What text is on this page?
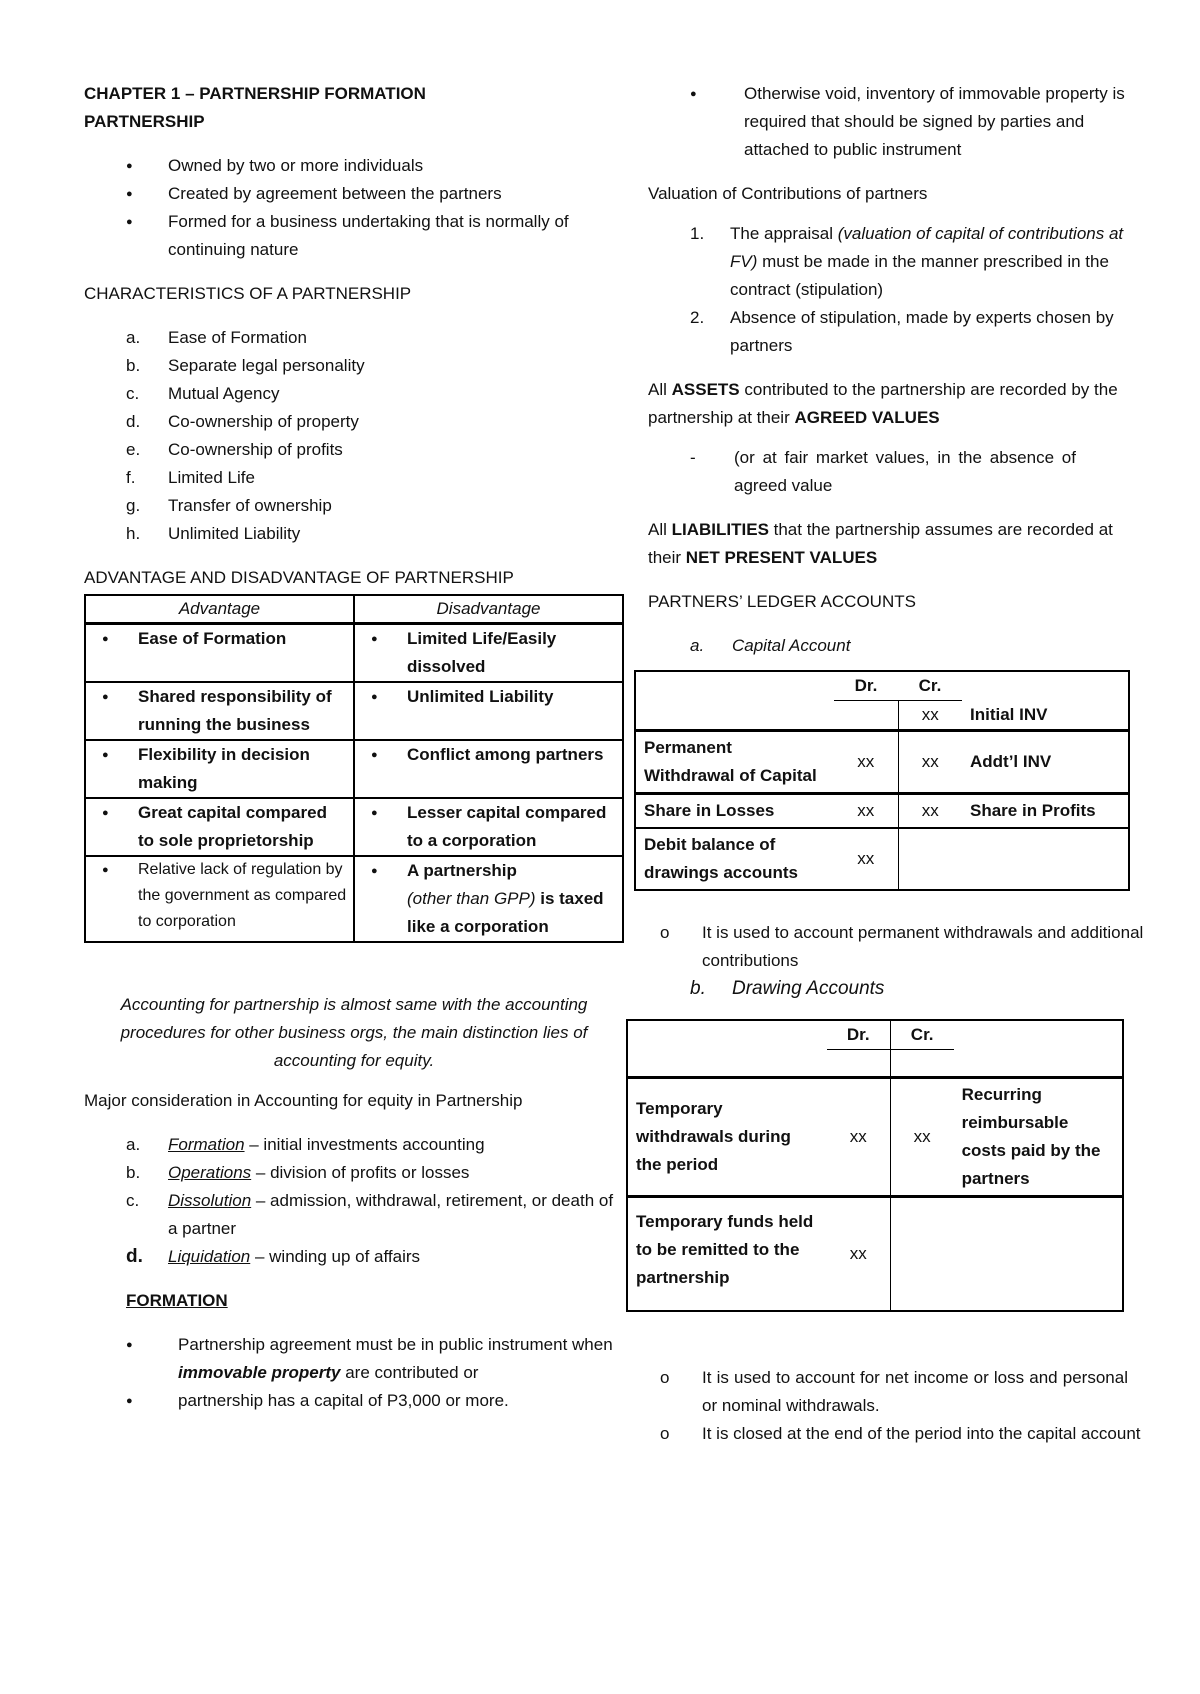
CHAPTER 1 – PARTNERSHIP FORMATION

PARTNERSHIP

● Owned by two or more individuals
● Created by agreement between the partners
● Formed for a business undertaking that is normally of continuing nature

CHARACTERISTICS OF A PARTNERSHIP

a. Ease of Formation
b. Separate legal personality
c. Mutual Agency
d. Co-ownership of property
e. Co-ownership of profits
f. Limited Life
g. Transfer of ownership
h. Unlimited Liability

ADVANTAGE AND DISADVANTAGE OF PARTNERSHIP

Advantage	Disadvantage

● Ease of Formation	● Limited Life/Easily dissolved

● Shared responsibility of running the business	● Unlimited Liability

● Flexibility in decision making	● Conflict among partners

● Great capital compared to sole proprietorship	● Lesser capital compared to a corporation

● Relative lack of regulation by the government as compared to corporation	● A partnership
(other than GPP) is taxed like a corporation

Accounting for partnership is almost same with the accounting procedures for other business orgs, the main distinction lies of accounting for equity.

Major consideration in Accounting for equity in Partnership

a. Formation – initial investments accounting
b. Operations – division of profits or losses
c. Dissolution – admission, withdrawal, retirement, or death of a partner
d. Liquidation – winding up of affairs

FORMATION

● Partnership agreement must be in public instrument when immovable property are contributed or
● partnership has a capital of P3,000 or more.
● Otherwise void, inventory of immovable property is required that should be signed by parties and attached to public instrument

Valuation of Contributions of partners

1. The appraisal (valuation of capital of contributions at FV) must be made in the manner prescribed in the contract (stipulation)
2. Absence of stipulation, made by experts chosen by partners

All ASSETS contributed to the partnership are recorded by the partnership at their AGREED VALUES

- (or at fair market values, in the absence of agreed value

All LIABILITIES that the partnership assumes are recorded at their NET PRESENT VALUES

PARTNERS’ LEDGER ACCOUNTS

a. Capital Account
	Dr.	Cr.	
		xx	Initial INV
Permanent Withdrawal of Capital	xx	xx	Addt’l INV
Share in Losses	xx	xx	Share in Profits
Debit balance of drawings accounts	xx		
o It is used to account permanent withdrawals and additional contributions
b. Drawing Accounts
	Dr.	Cr.	

Temporary withdrawals during the period	xx	xx	Recurring reimbursable costs paid by the partners
Temporary funds held to be remitted to the partnership	xx		
o It is used to account for net income or loss and personal or nominal withdrawals.
o It is closed at the end of the period into the capital account
